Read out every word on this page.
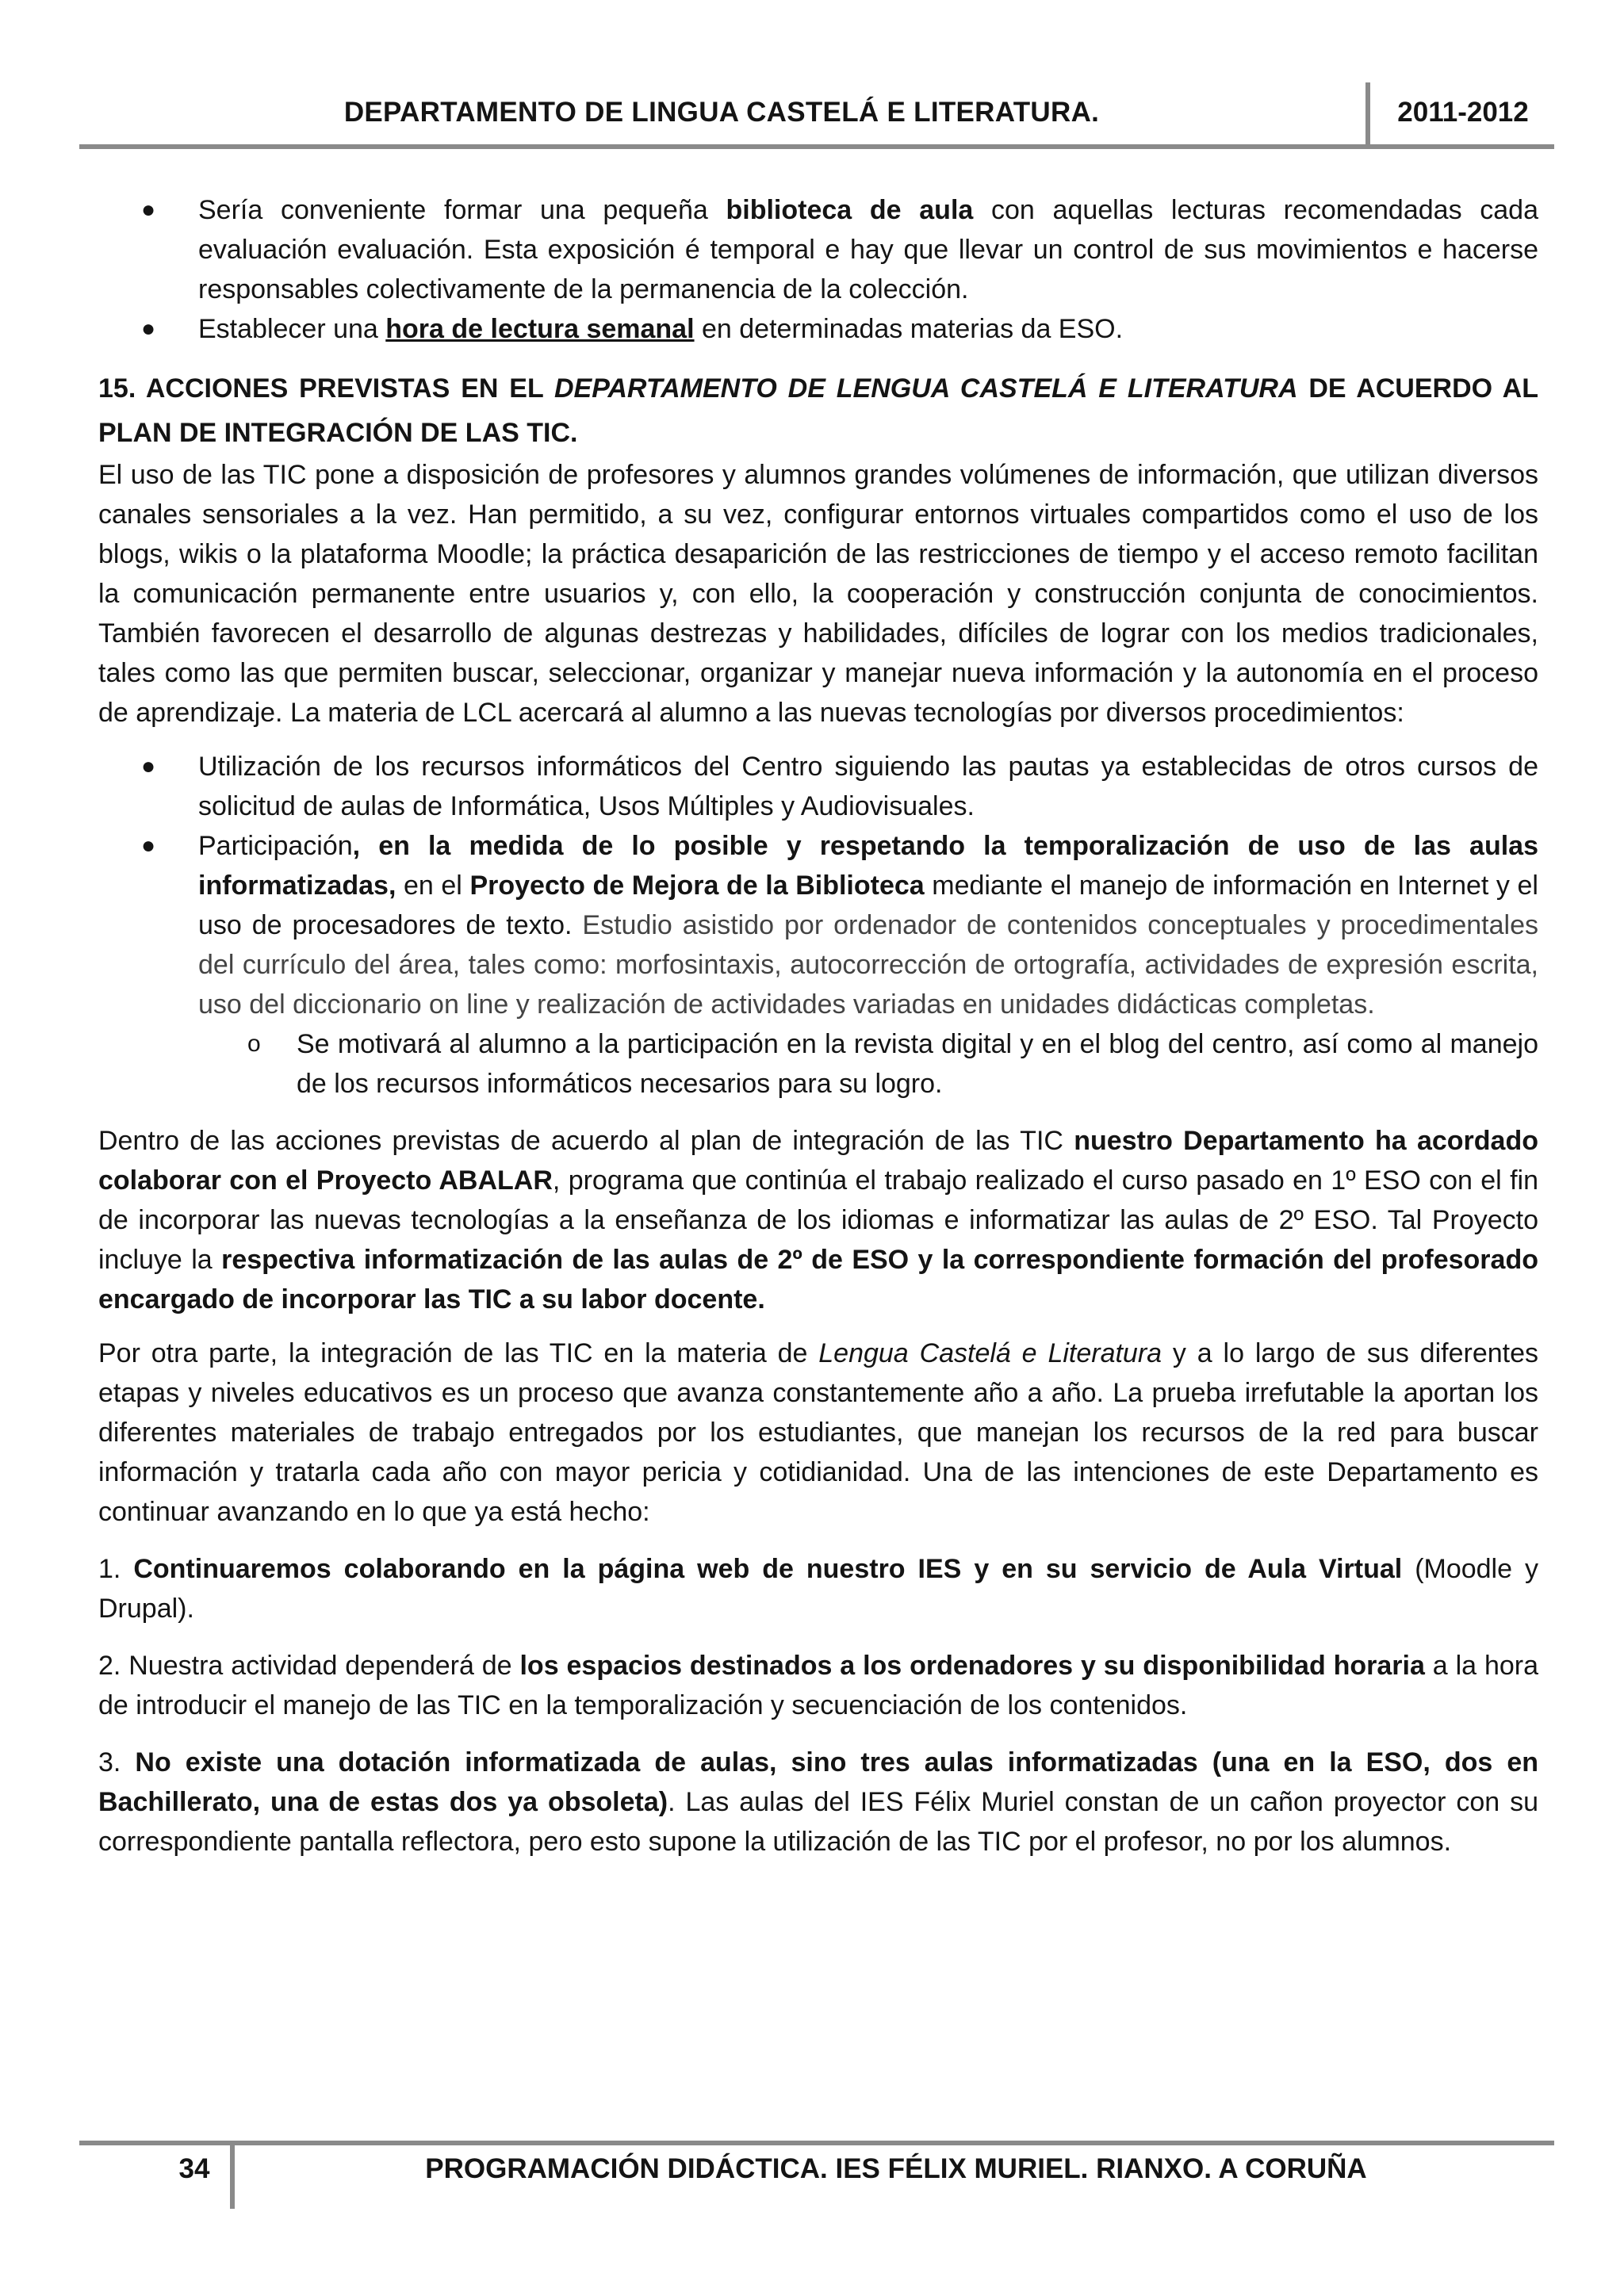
DEPARTAMENTO DE LINGUA CASTELÁ E LITERATURA.	2011-2012
● Sería conveniente formar una pequeña biblioteca de aula con aquellas lecturas recomendadas cada evaluación evaluación. Esta exposición é temporal e hay que llevar un control de sus movimientos e hacerse responsables colectivamente de la permanencia de la colección.
● Establecer una hora de lectura semanal en determinadas materias da ESO.

15. ACCIONES PREVISTAS EN EL DEPARTAMENTO DE LENGUA CASTELÁ E LITERATURA DE ACUERDO AL PLAN DE INTEGRACIÓN DE LAS TIC.

El uso de las TIC pone a disposición de profesores y alumnos grandes volúmenes de información, que utilizan diversos canales sensoriales a la vez. Han permitido, a su vez, configurar entornos virtuales compartidos como el uso de los blogs, wikis o la plataforma Moodle; la práctica desaparición de las restricciones de tiempo y el acceso remoto facilitan la comunicación permanente entre usuarios y, con ello, la cooperación y construcción conjunta de conocimientos. También favorecen el desarrollo de algunas destrezas y habilidades, difíciles de lograr con los medios tradicionales, tales como las que permiten buscar, seleccionar, organizar y manejar nueva información y la autonomía en el proceso de aprendizaje. La materia de LCL acercará al alumno a las nuevas tecnologías por diversos procedimientos:

● Utilización de los recursos informáticos del Centro siguiendo las pautas ya establecidas de otros cursos de solicitud de aulas de Informática, Usos Múltiples y Audiovisuales.
● Participación, en la medida de lo posible y respetando la temporalización de uso de las aulas informatizadas, en el Proyecto de Mejora de la Biblioteca mediante el manejo de información en Internet y el uso de procesadores de texto. Estudio asistido por ordenador de contenidos conceptuales y procedimentales del currículo del área, tales como: morfosintaxis, autocorrección de ortografía, actividades de expresión escrita, uso del diccionario on line y realización de actividades variadas en unidades didácticas completas.
o Se motivará al alumno a la participación en la revista digital y en el blog del centro, así como al manejo de los recursos informáticos necesarios para su logro.

Dentro de las acciones previstas de acuerdo al plan de integración de las TIC nuestro Departamento ha acordado colaborar con el Proyecto ABALAR, programa que continúa el trabajo realizado el curso pasado en 1º ESO con el fin de incorporar las nuevas tecnologías a la enseñanza de los idiomas e informatizar las aulas de 2º ESO. Tal Proyecto incluye la respectiva informatización de las aulas de 2º de ESO y la correspondiente formación del profesorado encargado de incorporar las TIC a su labor docente.

Por otra parte, la integración de las TIC en la materia de Lengua Castelá e Literatura y a lo largo de sus diferentes etapas y niveles educativos es un proceso que avanza constantemente año a año. La prueba irrefutable la aportan los diferentes materiales de trabajo entregados por los estudiantes, que manejan los recursos de la red para buscar información y tratarla cada año con mayor pericia y cotidianidad. Una de las intenciones de este Departamento es continuar avanzando en lo que ya está hecho:

1. Continuaremos colaborando en la página web de nuestro IES y en su servicio de Aula Virtual (Moodle y Drupal).

2. Nuestra actividad dependerá de los espacios destinados a los ordenadores y su disponibilidad horaria a la hora de introducir el manejo de las TIC en la temporalización y secuenciación de los contenidos.

3. No existe una dotación informatizada de aulas, sino tres aulas informatizadas (una en la ESO, dos en Bachillerato, una de estas dos ya obsoleta). Las aulas del IES Félix Muriel constan de un cañon proyector con su correspondiente pantalla reflectora, pero esto supone la utilización de las TIC por el profesor, no por los alumnos.

34	PROGRAMACIÓN DIDÁCTICA. IES FÉLIX MURIEL. RIANXO. A CORUÑA
